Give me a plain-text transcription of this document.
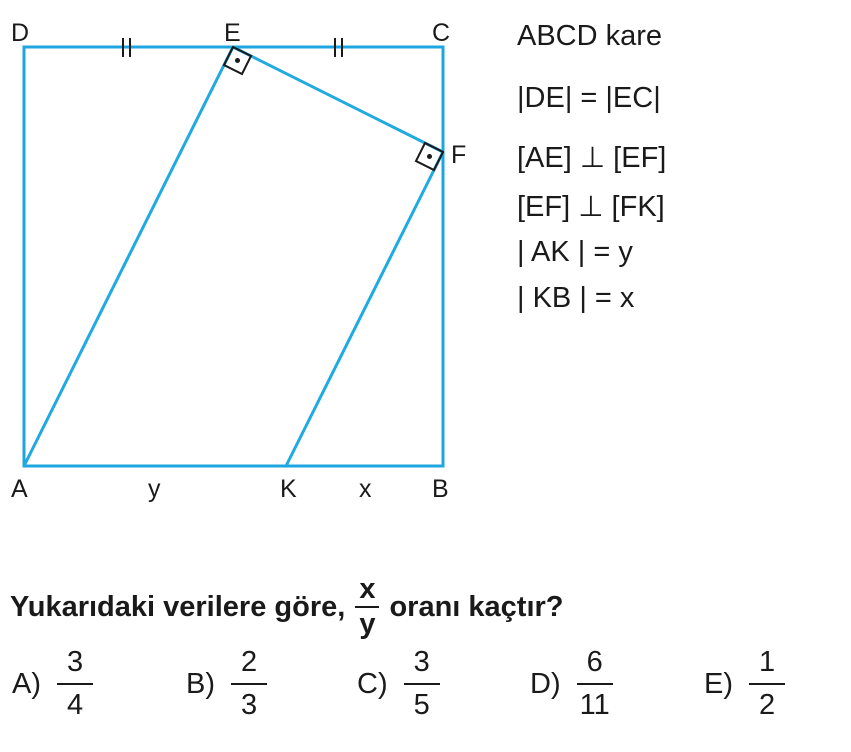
D	E	C
F
A	K	B
y	x
ABCD kare
|DE| = |EC|
[AE] ⊥ [EF]
[EF] ⊥ [FK]
| AK | = y
| KB | = x
Yukarıdaki verilere göre, $\frac{x}{y}$ oranı kaçtır?
$A) \frac{3}{4}$	$B) \frac{2}{3}$	$C) \frac{3}{5}$	$D) \frac{6}{11}$	$E) \frac{1}{2}$
